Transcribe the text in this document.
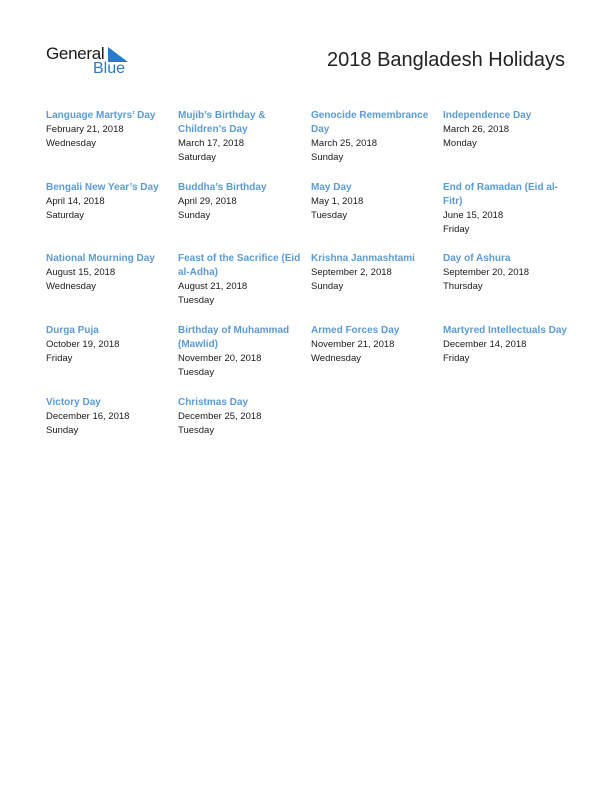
General
Blue	2018 Bangladesh Holidays
Language Martyrs’ Day
February 21, 2018
Wednesday
Mujib’s Birthday & Children’s Day
March 17, 2018
Saturday
Genocide Remembrance Day
March 25, 2018
Sunday
Independence Day
March 26, 2018
Monday
Bengali New Year’s Day
April 14, 2018
Saturday
Buddha’s Birthday
April 29, 2018
Sunday
May Day
May 1, 2018
Tuesday
End of Ramadan (Eid al-Fitr)
June 15, 2018
Friday
National Mourning Day
August 15, 2018
Wednesday
Feast of the Sacrifice (Eid al-Adha)
August 21, 2018
Tuesday
Krishna Janmashtami
September 2, 2018
Sunday
Day of Ashura
September 20, 2018
Thursday
Durga Puja
October 19, 2018
Friday
Birthday of Muhammad (Mawlid)
November 20, 2018
Tuesday
Armed Forces Day
November 21, 2018
Wednesday
Martyred Intellectuals Day
December 14, 2018
Friday
Victory Day
December 16, 2018
Sunday
Christmas Day
December 25, 2018
Tuesday
